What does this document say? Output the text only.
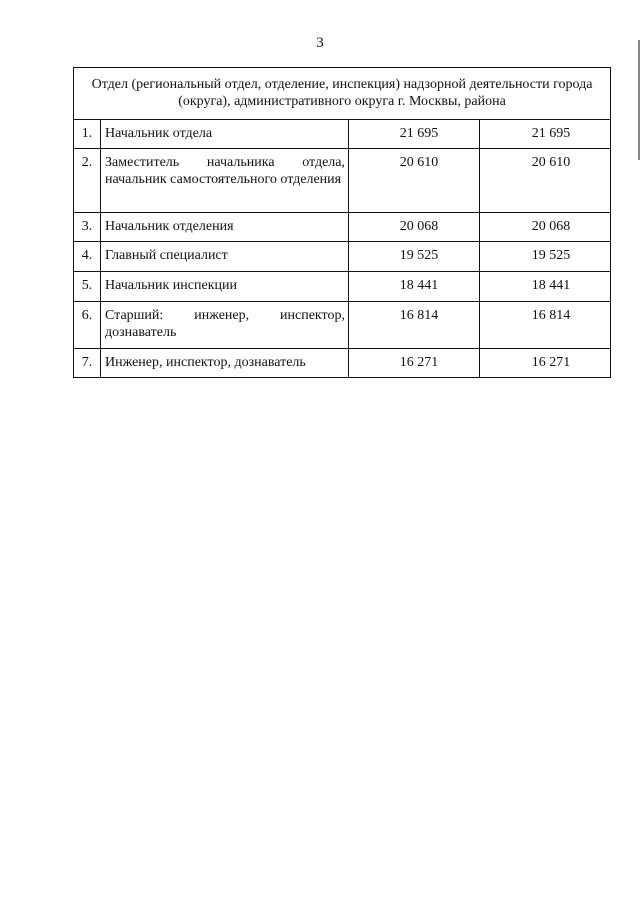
3
Отдел (региональный отдел, отделение, инспекция) надзорной деятельности города (округа), административного округа г. Москвы, района			
1.	Начальник отдела	21 695	21 695
2.	Заместитель начальника отдела, начальник самостоятельного отделения	20 610	20 610
3.	Начальник отделения	20 068	20 068
4.	Главный специалист	19 525	19 525
5.	Начальник инспекции	18 441	18 441
6.	Старший: инженер, инспектор, дознаватель	16 814	16 814
7.	Инженер, инспектор, дознаватель	16 271	16 271
